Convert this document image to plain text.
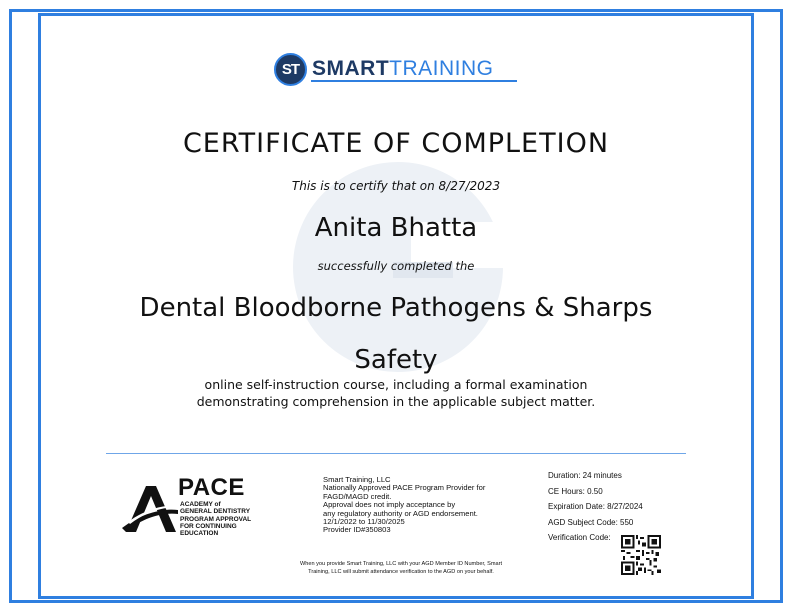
ST SMARTTRAINING
CERTIFICATE OF COMPLETION
This is to certify that on 8/27/2023
Anita Bhatta
successfully completed the
Dental Bloodborne Pathogens & Sharps
Safety
online self-instruction course, including a formal examination
demonstrating comprehension in the applicable subject matter.
PACE
ACADEMY of
GENERAL DENTISTRY
PROGRAM APPROVAL
FOR CONTINUING
EDUCATION
Smart Training, LLC
Nationally Approved PACE Program Provider for
FAGD/MAGD credit.
Approval does not imply acceptance by
any regulatory authority or AGD endorsement.
12/1/2022 to 11/30/2025
Provider ID#350803
Duration: 24 minutes
CE Hours: 0.50
Expiration Date: 8/27/2024
AGD Subject Code: 550
Verification Code:
When you provide Smart Training, LLC with your AGD Member ID Number, Smart
Training, LLC will submit attendance verification to the AGD on your behalf.
